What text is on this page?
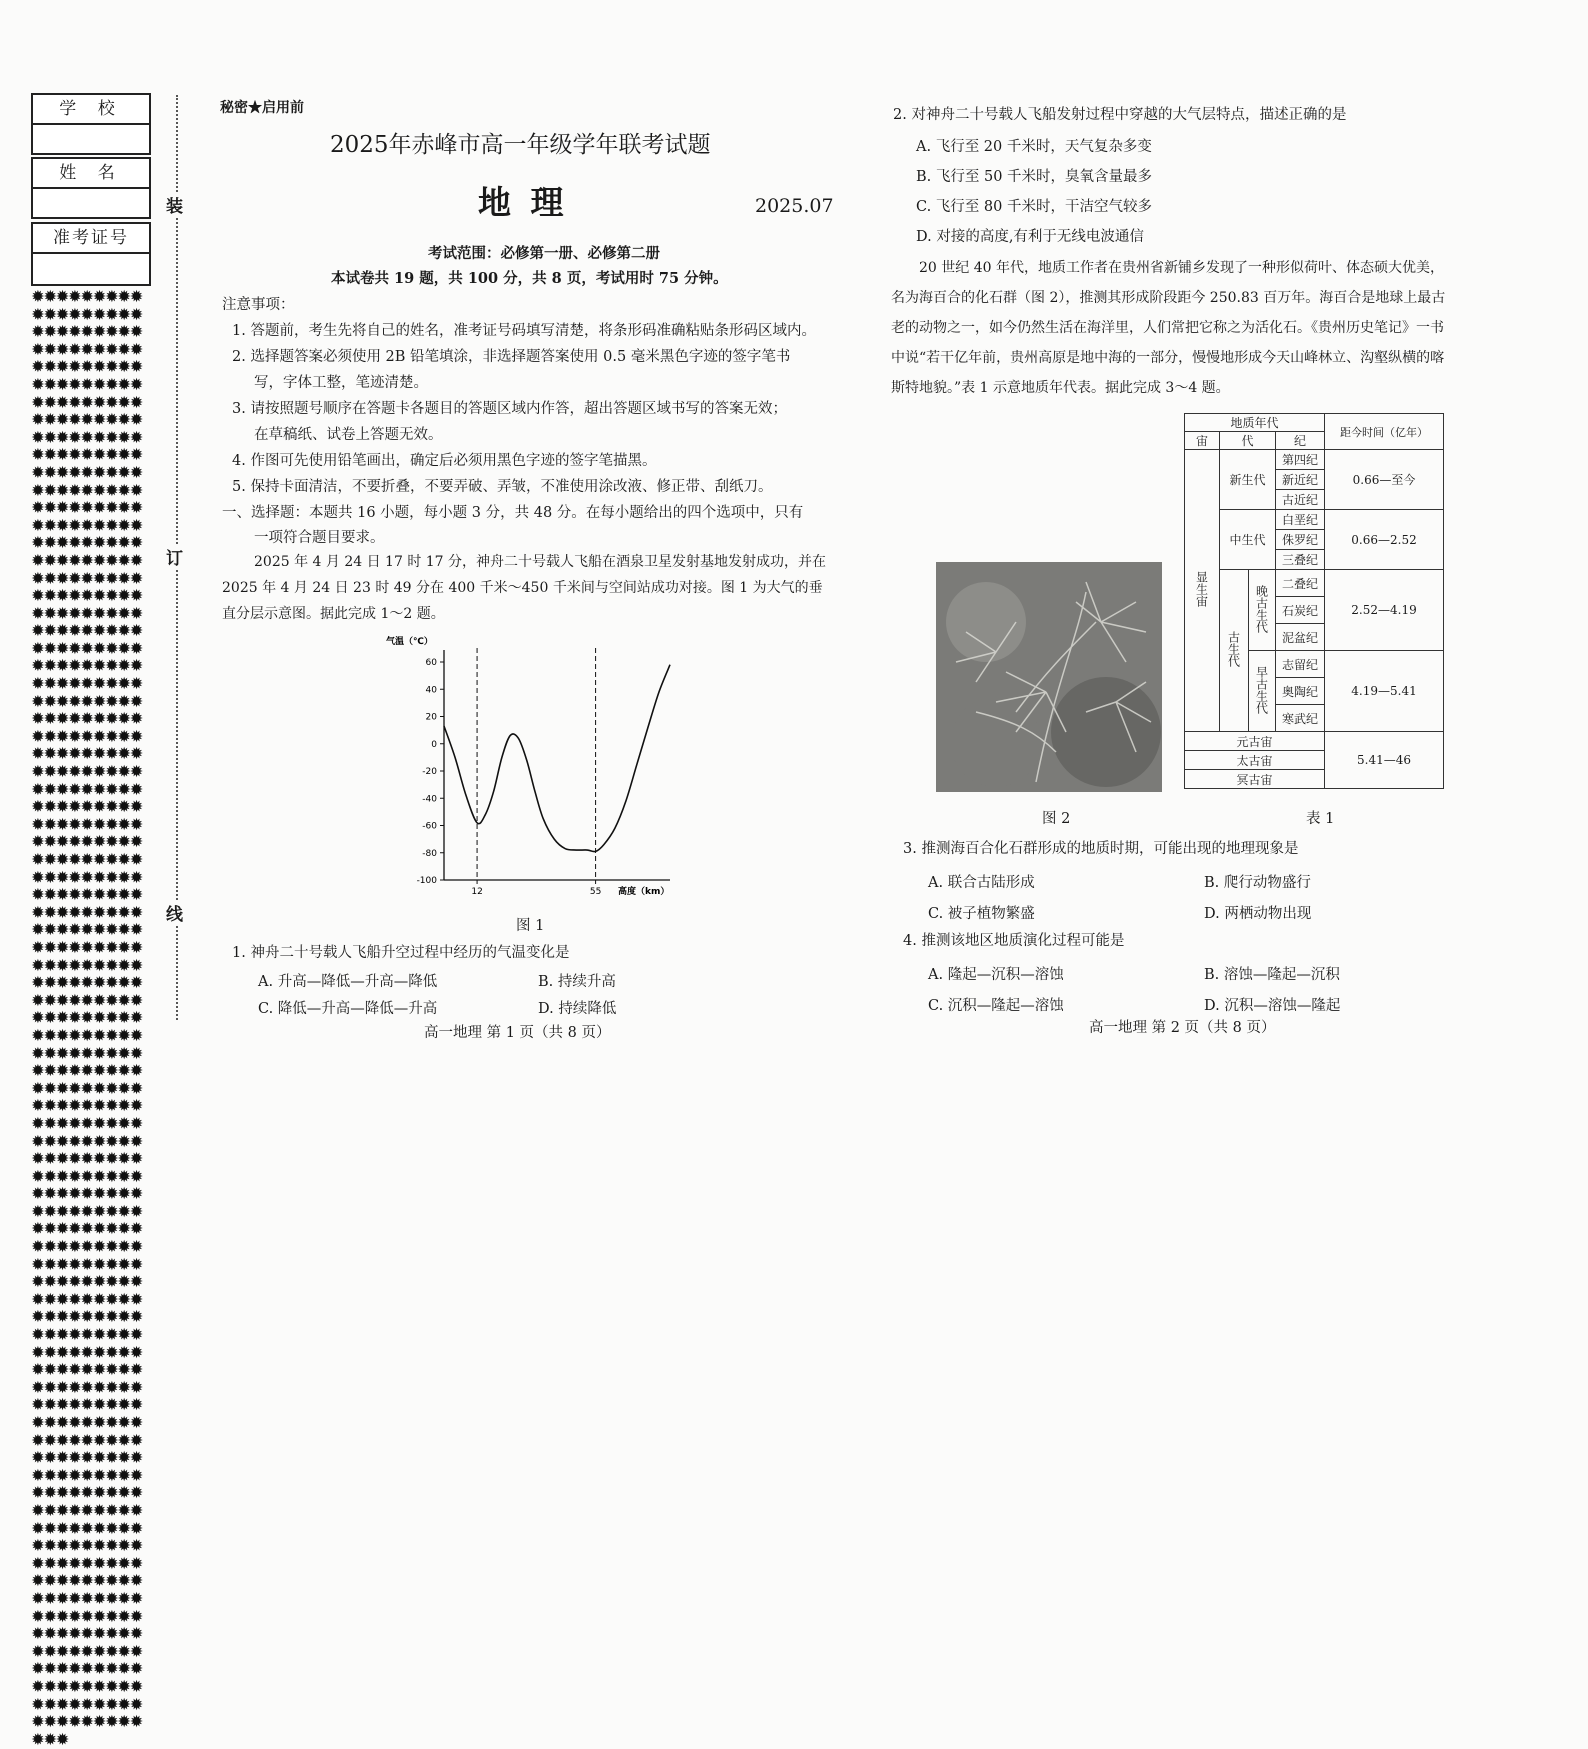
学 校
姓 名
准考证号
✹✹✹✹✹✹✹✹✹✹✹✹✹✹✹✹✹✹✹✹✹✹✹✹✹✹✹✹✹✹✹✹✹✹✹✹✹✹✹✹✹✹✹✹✹✹✹✹✹✹✹✹✹✹✹✹✹✹✹✹✹✹✹✹✹✹✹✹✹✹✹✹✹✹✹✹✹✹✹✹✹✹✹✹✹✹✹✹✹✹✹✹✹✹✹✹✹✹✹✹✹✹✹✹✹✹✹✹✹✹✹✹✹✹✹✹✹✹✹✹✹✹✹✹✹✹✹✹✹✹✹✹✹✹✹✹✹✹✹✹✹✹✹✹✹✹✹✹✹✹✹✹✹✹✹✹✹✹✹✹✹✹✹✹✹✹✹✹✹✹✹✹✹✹✹✹✹✹✹✹✹✹✹✹✹✹✹✹✹✹✹✹✹✹✹✹✹✹✹✹✹✹✹✹✹✹✹✹✹✹✹✹✹✹✹✹✹✹✹✹✹✹✹✹✹✹✹✹✹✹✹✹✹✹✹✹✹✹✹✹✹✹✹✹✹✹✹✹✹✹✹✹✹✹✹✹✹✹✹✹✹✹✹✹✹✹✹✹✹✹✹✹✹✹✹✹✹✹✹✹✹✹✹✹✹✹✹✹✹✹✹✹✹✹✹✹✹✹✹✹✹✹✹✹✹✹✹✹✹✹✹✹✹✹✹✹✹✹✹✹✹✹✹✹✹✹✹✹✹✹✹✹✹✹✹✹✹✹✹✹✹✹✹✹✹✹✹✹✹✹✹✹✹✹✹✹✹✹✹✹✹✹✹✹✹✹✹✹✹✹✹✹✹✹✹✹✹✹✹✹✹✹✹✹✹✹✹✹✹✹✹✹✹✹✹✹✹✹✹✹✹✹✹✹✹✹✹✹✹✹✹✹✹✹✹✹✹✹✹✹✹✹✹✹✹✹✹✹✹✹✹✹✹✹✹✹✹✹✹✹✹✹✹✹✹✹✹✹✹✹✹✹✹✹✹✹✹✹✹✹✹✹✹✹✹✹✹✹✹✹✹✹✹✹✹✹✹✹✹✹✹✹✹✹✹✹✹✹✹✹✹✹✹✹✹✹✹✹✹✹✹✹✹✹✹✹✹✹✹✹✹✹✹✹✹✹✹✹✹✹✹✹✹✹✹✹✹✹✹✹✹✹✹✹✹✹✹✹✹✹✹✹✹✹✹✹✹✹✹✹✹✹✹✹✹✹✹✹✹✹✹✹✹✹✹✹✹✹✹✹✹✹✹✹✹✹✹✹✹✹✹✹✹✹✹✹✹✹✹✹✹✹✹✹✹✹✹✹✹✹✹✹✹✹✹✹✹✹✹✹✹✹✹✹✹✹✹✹✹✹✹✹✹✹✹✹✹✹✹✹✹✹✹✹✹✹✹✹✹✹✹✹✹✹✹✹✹✹✹✹✹✹✹✹✹✹✹✹✹✹✹✹✹✹✹✹✹✹✹✹✹✹✹✹✹✹✹✹✹✹✹✹✹✹✹✹✹✹✹✹✹✹✹✹✹✹✹✹✹✹✹✹✹✹✹✹✹✹✹✹✹✹✹✹✹✹✹✹✹✹✹✹✹✹✹✹✹✹✹✹✹✹✹✹✹✹✹✹✹✹✹
装
订
线
秘密★启用前
2025年赤峰市高一年级学年联考试题
地 理	2025.07
考试范围：必修第一册、必修第二册
本试卷共 19 题，共 100 分，共 8 页，考试用时 75 分钟。
注意事项：
1. 答题前，考生先将自己的姓名，准考证号码填写清楚，将条形码准确粘贴条形码区域内。
2. 选择题答案必须使用 2B 铅笔填涂，非选择题答案使用 0.5 毫米黑色字迹的签字笔书
写，字体工整，笔迹清楚。
3. 请按照题号顺序在答题卡各题目的答题区域内作答，超出答题区域书写的答案无效；
在草稿纸、试卷上答题无效。
4. 作图可先使用铅笔画出，确定后必须用黑色字迹的签字笔描黑。
5. 保持卡面清洁，不要折叠，不要弄破、弄皱，不准使用涂改液、修正带、刮纸刀。
一、选择题：本题共 16 小题，每小题 3 分，共 48 分。在每小题给出的四个选项中，只有
一项符合题目要求。
2025 年 4 月 24 日 17 时 17 分，神舟二十号载人飞船在酒泉卫星发射基地发射成功，并在 2025 年 4 月 24 日 23 时 49 分在 400 千米～450 千米间与空间站成功对接。图 1 为大气的垂直分层示意图。据此完成 1～2 题。
气温（℃）
高度（km）
60
40
20
0
-20
-40
-60
-80
-100
12	55
图 1
1. 神舟二十号载人飞船升空过程中经历的气温变化是
A. 升高—降低—升高—降低	B. 持续升高
C. 降低—升高—降低—升高	D. 持续降低
高一地理 第 1 页（共 8 页）
2. 对神舟二十号载人飞船发射过程中穿越的大气层特点，描述正确的是
A. 飞行至 20 千米时，天气复杂多变
B. 飞行至 50 千米时，臭氧含量最多
C. 飞行至 80 千米时，干洁空气较多
D. 对接的高度,有利于无线电波通信
20 世纪 40 年代，地质工作者在贵州省新铺乡发现了一种形似荷叶、体态硕大优美，名为海百合的化石群（图 2），推测其形成阶段距今 250.83 百万年。海百合是地球上最古老的动物之一，如今仍然生活在海洋里，人们常把它称之为活化石。《贵州历史笔记》一书中说“若干亿年前，贵州高原是地中海的一部分，慢慢地形成今天山峰林立、沟壑纵横的喀斯特地貌。”表 1 示意地质年代表。据此完成 3～4 题。
图 2
地质年代				距今时间（亿年）
宙	代		纪	
显生宙	新生代		第四纪	0.66—至今
			新近纪	
			古近纪	
	中生代		白垩纪	0.66—2.52
			侏罗纪	
			三叠纪	
	古生代	晚古生代	二叠纪	2.52—4.19
			石炭纪	
			泥盆纪	
		早古生代	志留纪	4.19—5.41
			奥陶纪	
			寒武纪	
元古宙				5.41—46
太古宙				
冥古宙				
表 1
3. 推测海百合化石群形成的地质时期，可能出现的地理现象是
A. 联合古陆形成	B. 爬行动物盛行
C. 被子植物繁盛	D. 两栖动物出现
4. 推测该地区地质演化过程可能是
A. 隆起—沉积—溶蚀	B. 溶蚀—隆起—沉积
C. 沉积—隆起—溶蚀	D. 沉积—溶蚀—隆起
高一地理 第 2 页（共 8 页）
